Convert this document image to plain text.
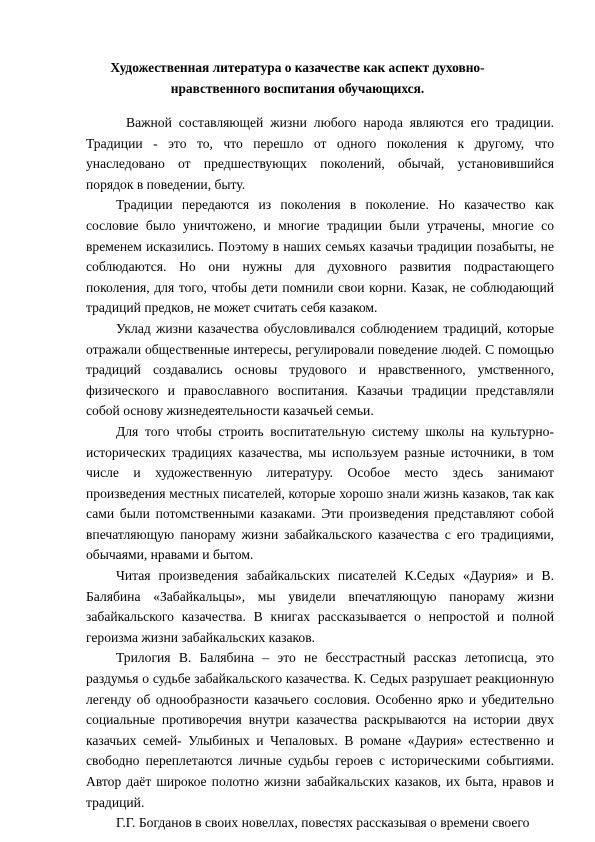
Художественная литература о казачестве как аспект духовно-
нравственного воспитания обучающихся.

Важной составляющей жизни любого народа являются его традиции. Традиции - это то, что перешло от одного поколения к другому, что унаследовано от предшествующих поколений, обычай, установившийся порядок в поведении, быту.

Традиции передаются из поколения в поколение. Но казачество как сословие было уничтожено, и многие традиции были утрачены, многие со временем исказились. Поэтому в наших семьях казачьи традиции позабыты, не соблюдаются. Но они нужны для духовного развития подрастающего поколения, для того, чтобы дети помнили свои корни. Казак, не соблюдающий традиций предков, не может считать себя казаком.

Уклад жизни казачества обусловливался соблюдением традиций, которые отражали общественные интересы, регулировали поведение людей. С помощью традиций создавались основы трудового и нравственного, умственного, физического и православного воспитания. Казачьи традиции представляли собой основу жизнедеятельности казачьей семьи.

Для того чтобы строить воспитательную систему школы на культурно-исторических традициях казачества, мы используем разные источники, в том числе и художественную литературу. Особое место здесь занимают произведения местных писателей, которые хорошо знали жизнь казаков, так как сами были потомственными казаками. Эти произведения представляют собой впечатляющую панораму жизни забайкальского казачества с его традициями, обычаями, нравами и бытом.

Читая произведения забайкальских писателей К.Седых «Даурия» и В. Балябина «Забайкальцы», мы увидели впечатляющую панораму жизни забайкальского казачества. В книгах рассказывается о непростой и полной героизма жизни забайкальских казаков.

Трилогия В. Балябина – это не бесстрастный рассказ летописца, это раздумья о судьбе забайкальского казачества. К. Седых разрушает реакционную легенду об однообразности казачьего сословия. Особенно ярко и убедительно социальные противоречия внутри казачества раскрываются на истории двух казачьих семей- Улыбиных и Чепаловых. В романе «Даурия» естественно и свободно переплетаются личные судьбы героев с историческими событиями. Автор даёт широкое полотно жизни забайкальских казаков, их быта, нравов и традиций.

Г.Г. Богданов в своих новеллах, повестях рассказывая о времени своего
